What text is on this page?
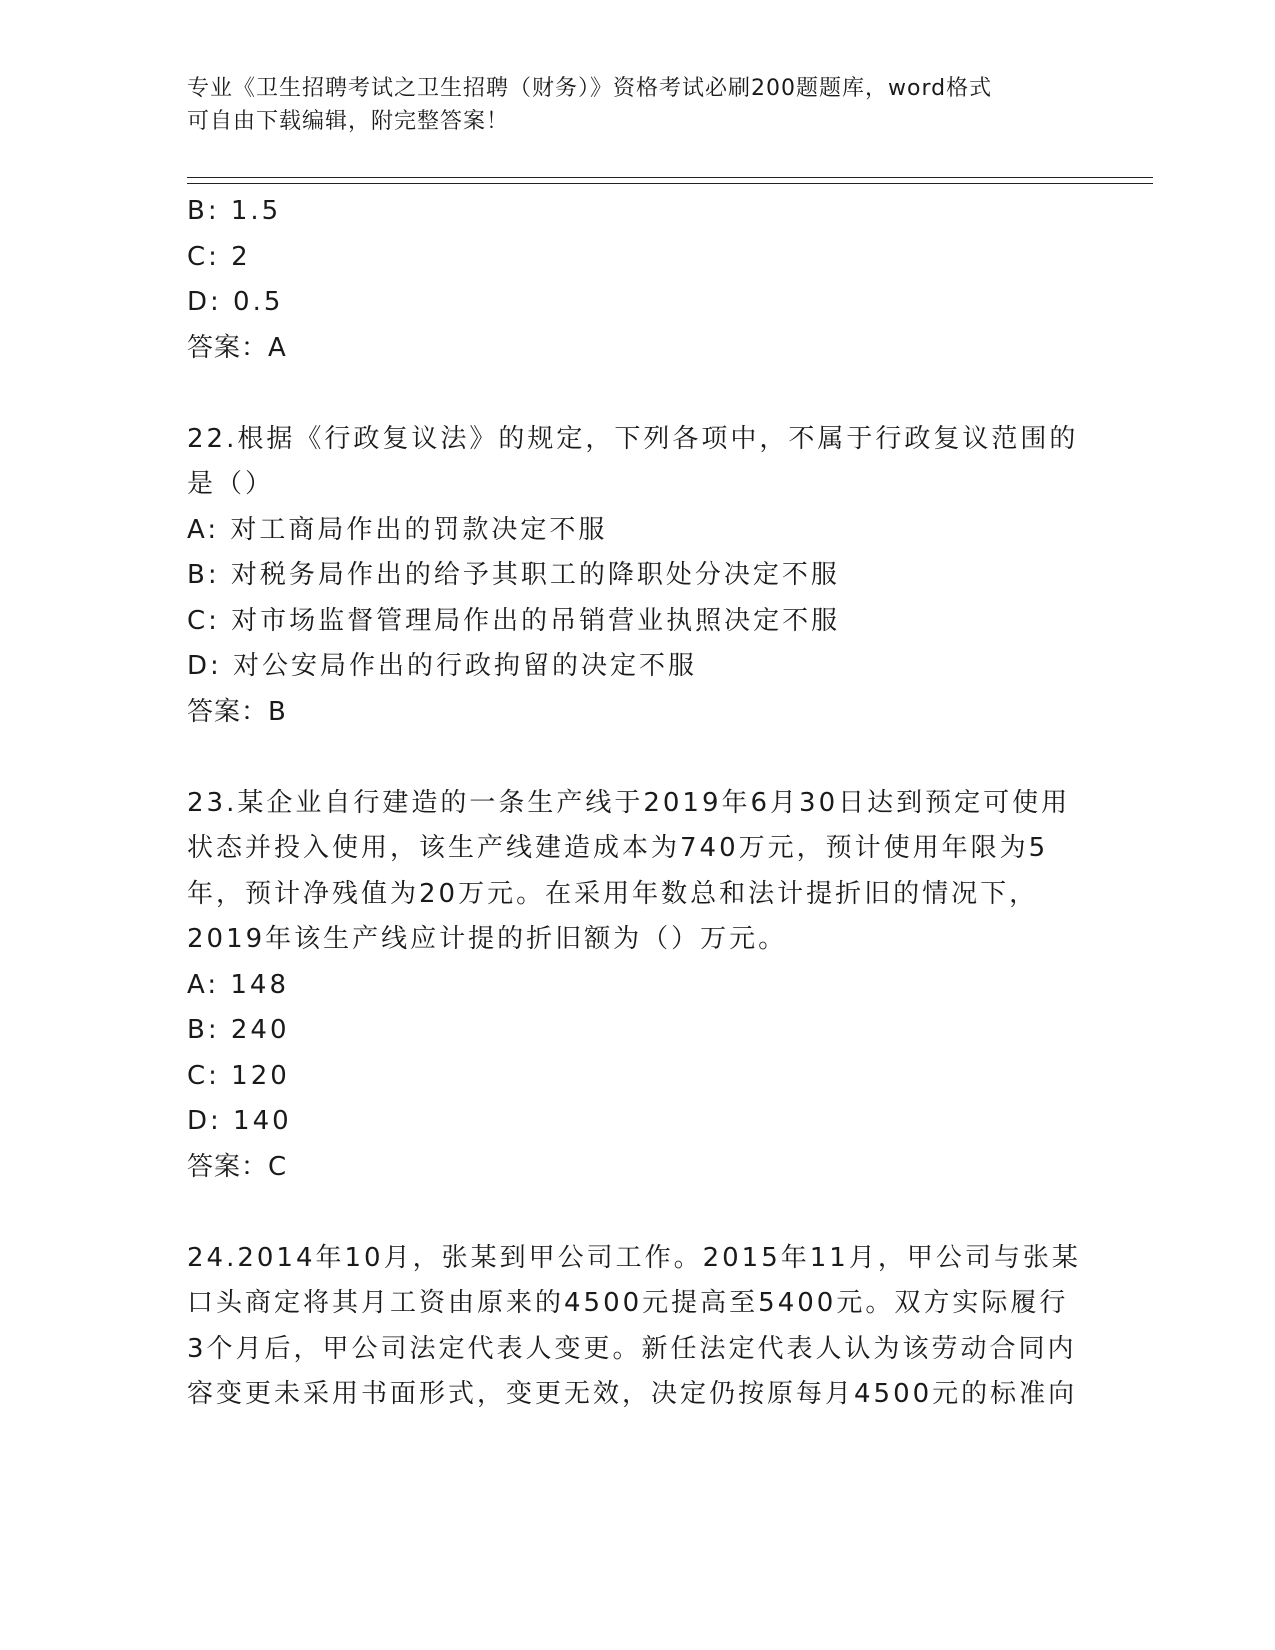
专业《卫生招聘考试之卫生招聘（财务）》资格考试必刷200题题库，word格式
可自由下载编辑，附完整答案！
B: 1.5
C: 2
D: 0.5
答案：A
22.根据《行政复议法》的规定，下列各项中，不属于行政复议范围的
是（）
A: 对工商局作出的罚款决定不服
B: 对税务局作出的给予其职工的降职处分决定不服
C: 对市场监督管理局作出的吊销营业执照决定不服
D: 对公安局作出的行政拘留的决定不服
答案：B
23.某企业自行建造的一条生产线于2019年6月30日达到预定可使用
状态并投入使用，该生产线建造成本为740万元，预计使用年限为5
年，预计净残值为20万元。在采用年数总和法计提折旧的情况下，
2019年该生产线应计提的折旧额为（）万元。
A: 148
B: 240
C: 120
D: 140
答案：C
24.2014年10月，张某到甲公司工作。2015年11月，甲公司与张某
口头商定将其月工资由原来的4500元提高至5400元。双方实际履行
3个月后，甲公司法定代表人变更。新任法定代表人认为该劳动合同内
容变更未采用书面形式，变更无效，决定仍按原每月4500元的标准向
